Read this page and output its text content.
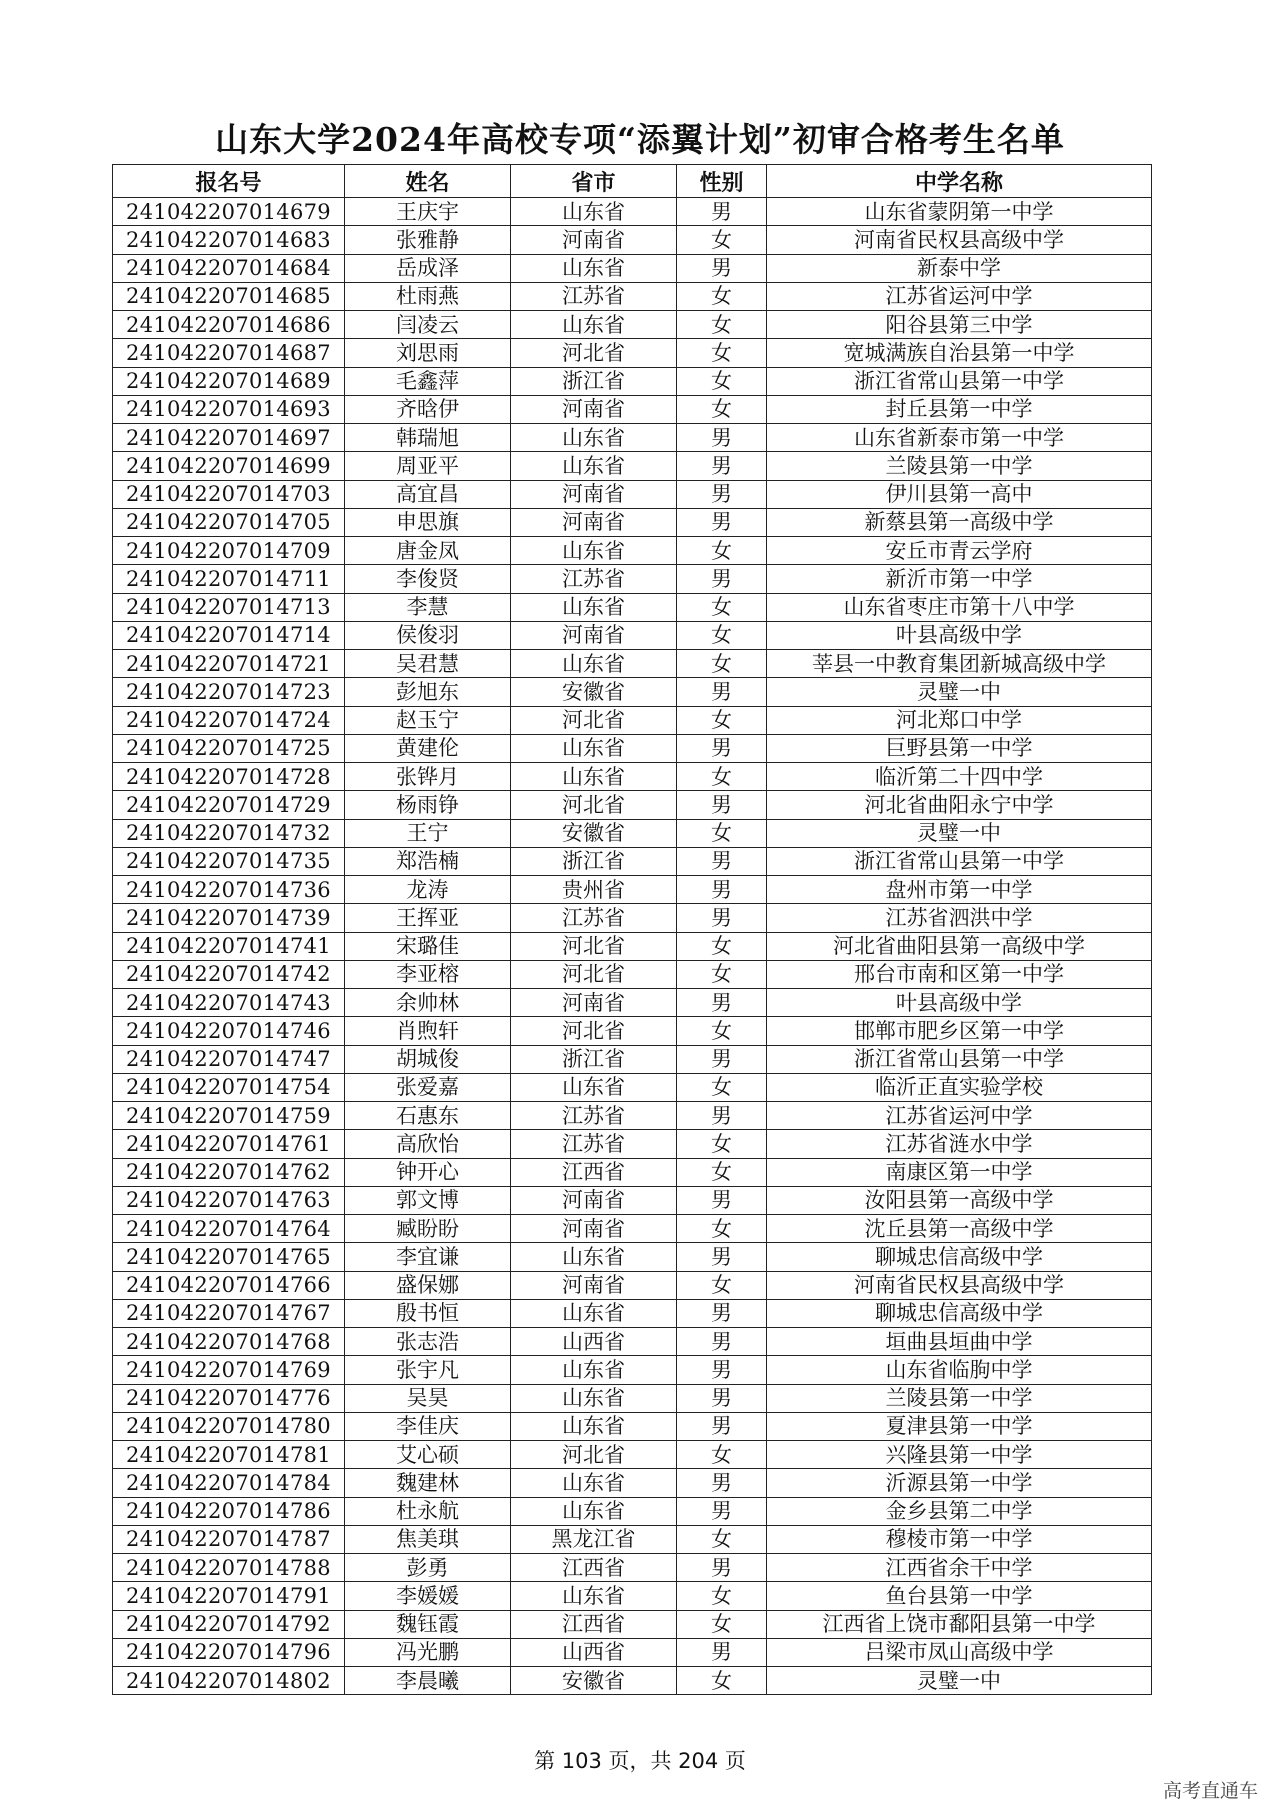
山东大学2024年高校专项“添翼计划”初审合格考生名单
报名号	姓名	省市	性别	中学名称
241042207014679	王庆宇	山东省	男	山东省蒙阴第一中学
241042207014683	张雅静	河南省	女	河南省民权县高级中学
241042207014684	岳成泽	山东省	男	新泰中学
241042207014685	杜雨燕	江苏省	女	江苏省运河中学
241042207014686	闫凌云	山东省	女	阳谷县第三中学
241042207014687	刘思雨	河北省	女	宽城满族自治县第一中学
241042207014689	毛鑫萍	浙江省	女	浙江省常山县第一中学
241042207014693	齐晗伊	河南省	女	封丘县第一中学
241042207014697	韩瑞旭	山东省	男	山东省新泰市第一中学
241042207014699	周亚平	山东省	男	兰陵县第一中学
241042207014703	高宜昌	河南省	男	伊川县第一高中
241042207014705	申思旗	河南省	男	新蔡县第一高级中学
241042207014709	唐金凤	山东省	女	安丘市青云学府
241042207014711	李俊贤	江苏省	男	新沂市第一中学
241042207014713	李慧	山东省	女	山东省枣庄市第十八中学
241042207014714	侯俊羽	河南省	女	叶县高级中学
241042207014721	吴君慧	山东省	女	莘县一中教育集团新城高级中学
241042207014723	彭旭东	安徽省	男	灵璧一中
241042207014724	赵玉宁	河北省	女	河北郑口中学
241042207014725	黄建伦	山东省	男	巨野县第一中学
241042207014728	张铧月	山东省	女	临沂第二十四中学
241042207014729	杨雨铮	河北省	男	河北省曲阳永宁中学
241042207014732	王宁	安徽省	女	灵璧一中
241042207014735	郑浩楠	浙江省	男	浙江省常山县第一中学
241042207014736	龙涛	贵州省	男	盘州市第一中学
241042207014739	王挥亚	江苏省	男	江苏省泗洪中学
241042207014741	宋璐佳	河北省	女	河北省曲阳县第一高级中学
241042207014742	李亚榕	河北省	女	邢台市南和区第一中学
241042207014743	余帅林	河南省	男	叶县高级中学
241042207014746	肖煦轩	河北省	女	邯郸市肥乡区第一中学
241042207014747	胡城俊	浙江省	男	浙江省常山县第一中学
241042207014754	张爱嘉	山东省	女	临沂正直实验学校
241042207014759	石惠东	江苏省	男	江苏省运河中学
241042207014761	高欣怡	江苏省	女	江苏省涟水中学
241042207014762	钟开心	江西省	女	南康区第一中学
241042207014763	郭文博	河南省	男	汝阳县第一高级中学
241042207014764	臧盼盼	河南省	女	沈丘县第一高级中学
241042207014765	李宜谦	山东省	男	聊城忠信高级中学
241042207014766	盛保娜	河南省	女	河南省民权县高级中学
241042207014767	殷书恒	山东省	男	聊城忠信高级中学
241042207014768	张志浩	山西省	男	垣曲县垣曲中学
241042207014769	张宇凡	山东省	男	山东省临朐中学
241042207014776	吴昊	山东省	男	兰陵县第一中学
241042207014780	李佳庆	山东省	男	夏津县第一中学
241042207014781	艾心硕	河北省	女	兴隆县第一中学
241042207014784	魏建林	山东省	男	沂源县第一中学
241042207014786	杜永航	山东省	男	金乡县第二中学
241042207014787	焦美琪	黑龙江省	女	穆棱市第一中学
241042207014788	彭勇	江西省	男	江西省余干中学
241042207014791	李媛媛	山东省	女	鱼台县第一中学
241042207014792	魏钰霞	江西省	女	江西省上饶市鄱阳县第一中学
241042207014796	冯光鹏	山西省	男	吕梁市凤山高级中学
241042207014802	李晨曦	安徽省	女	灵璧一中
第 103 页，共 204 页
高考直通车
